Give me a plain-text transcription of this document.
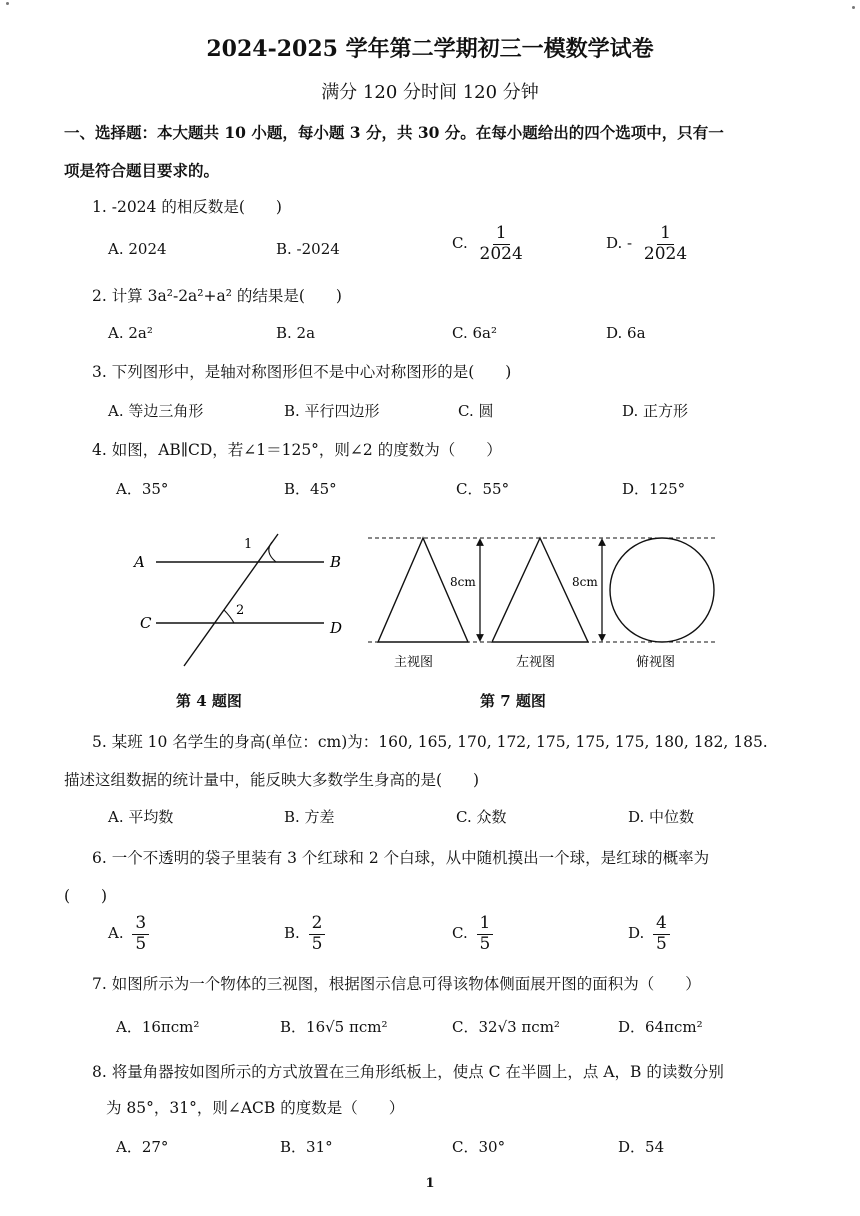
2024-2025 学年第二学期初三一模数学试卷
满分 120 分时间 120 分钟
一、选择题：本大题共 10 小题，每小题 3 分，共 30 分。在每小题给出的四个选项中，只有一
项是符合题目要求的。
1. -2024 的相反数是(　　)
A. 2024	B. -2024	C. $\frac{1}{2024}$	D. - $\frac{1}{2024}$
2. 计算 3a²-2a²+a² 的结果是(　　)
A. 2a²	B. 2a	C. 6a²	D. 6a
3. 下列图形中，是轴对称图形但不是中心对称图形的是(　　)
A. 等边三角形	B. 平行四边形	C. 圆	D. 正方形
4. 如图，AB∥CD，若∠1＝125°，则∠2 的度数为（　　）
A．35°	B．45°	C．55°	D．125°
A	B
C	D
1
2
第 4 题图
8cm	8cm
主视图	左视图	俯视图
第 7 题图
5. 某班 10 名学生的身高(单位：cm)为：160, 165, 170, 172, 175, 175, 175, 180, 182, 185.
描述这组数据的统计量中，能反映大多数学生身高的是(　　)
A. 平均数	B. 方差	C. 众数	D. 中位数
6. 一个不透明的袋子里装有 3 个红球和 2 个白球，从中随机摸出一个球，是红球的概率为
(　　)
A. $\frac{3}{5}$	B. $\frac{2}{5}$	C. $\frac{1}{5}$	D. $\frac{4}{5}$
7. 如图所示为一个物体的三视图，根据图示信息可得该物体侧面展开图的面积为（　　）
A．16πcm²	B．16√5 πcm²	C．32√3 πcm²	D．64πcm²
8. 将量角器按如图所示的方式放置在三角形纸板上，使点 C 在半圆上，点 A，B 的读数分别
为 85°，31°，则∠ACB 的度数是（　　）
A．27°	B．31°	C．30°	D．54
1
